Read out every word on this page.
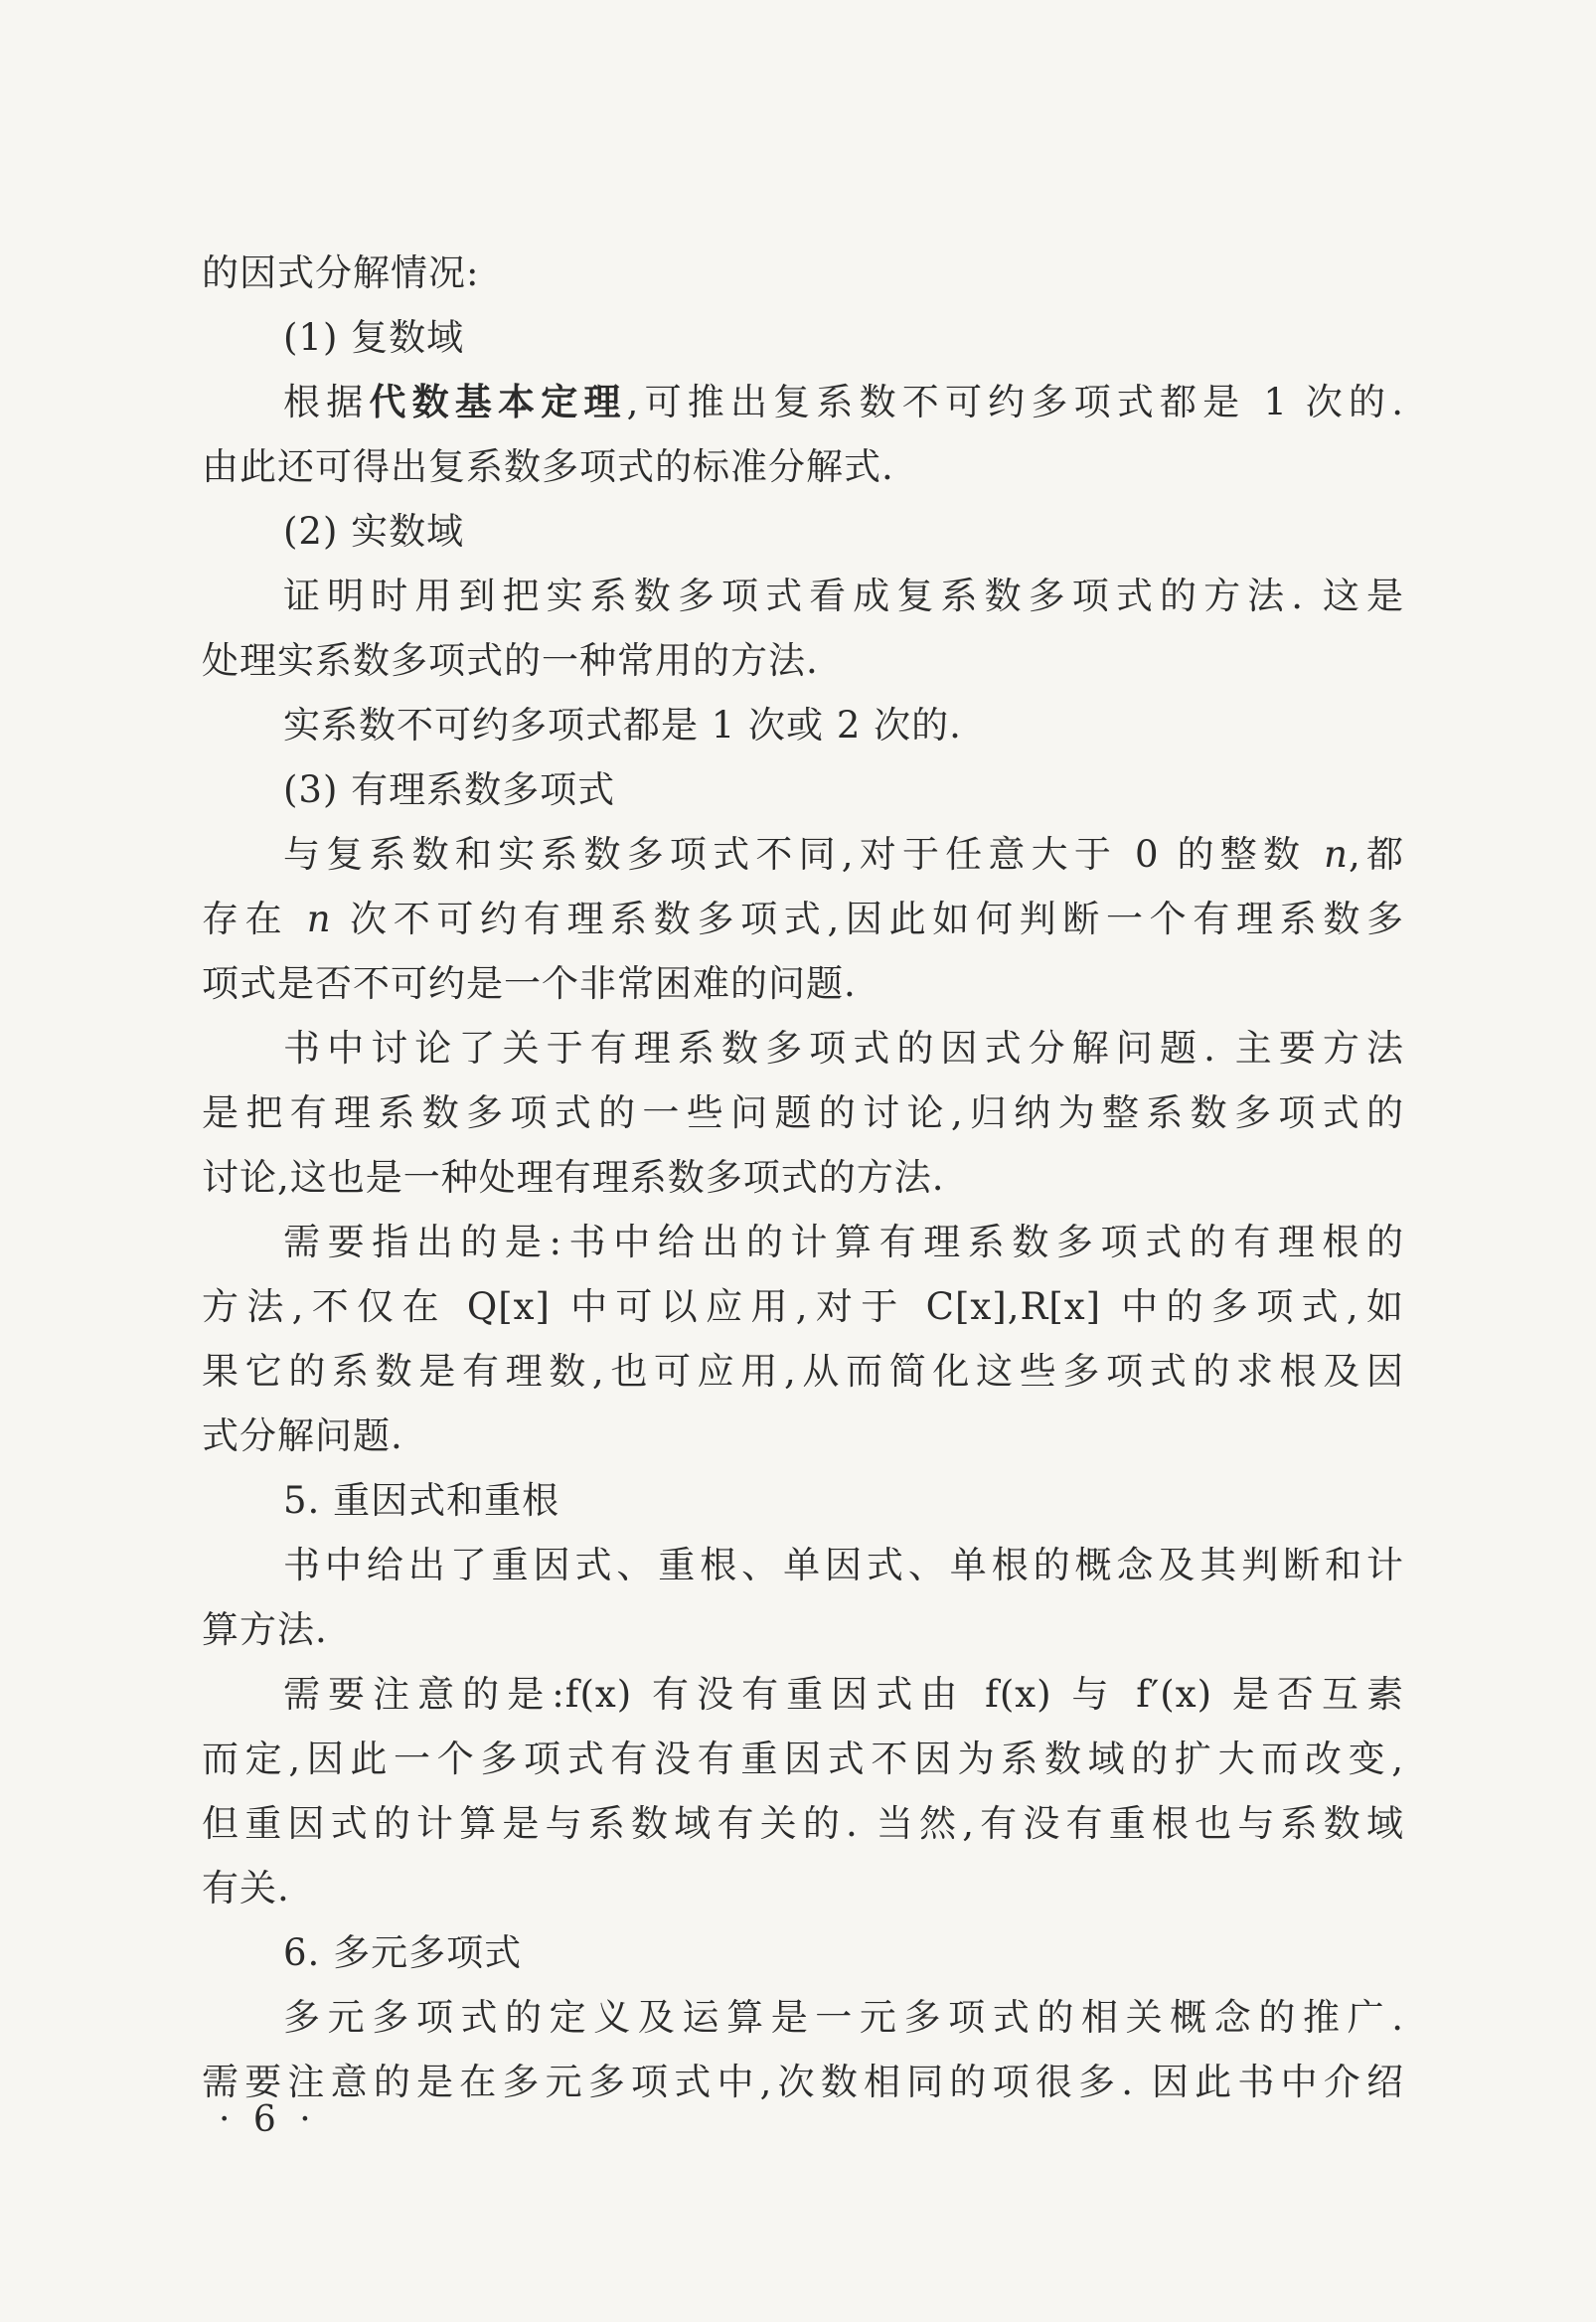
的因式分解情况:
(1) 复数域
根据代数基本定理,可推出复系数不可约多项式都是 1 次的.
由此还可得出复系数多项式的标准分解式.
(2) 实数域
证明时用到把实系数多项式看成复系数多项式的方法. 这是
处理实系数多项式的一种常用的方法.
实系数不可约多项式都是 1 次或 2 次的.
(3) 有理系数多项式
与复系数和实系数多项式不同,对于任意大于 0 的整数 n,都
存在 n 次不可约有理系数多项式,因此如何判断一个有理系数多
项式是否不可约是一个非常困难的问题.
书中讨论了关于有理系数多项式的因式分解问题. 主要方法
是把有理系数多项式的一些问题的讨论,归纳为整系数多项式的
讨论,这也是一种处理有理系数多项式的方法.
需要指出的是:书中给出的计算有理系数多项式的有理根的
方法,不仅在 Q[x] 中可以应用,对于 C[x],R[x] 中的多项式,如
果它的系数是有理数,也可应用,从而简化这些多项式的求根及因
式分解问题.
5. 重因式和重根
书中给出了重因式、重根、单因式、单根的概念及其判断和计
算方法.
需要注意的是:f(x) 有没有重因式由 f(x) 与 f′(x) 是否互素
而定,因此一个多项式有没有重因式不因为系数域的扩大而改变,
但重因式的计算是与系数域有关的. 当然,有没有重根也与系数域
有关.
6. 多元多项式
多元多项式的定义及运算是一元多项式的相关概念的推广.
需要注意的是在多元多项式中,次数相同的项很多. 因此书中介绍
· 6 ·
